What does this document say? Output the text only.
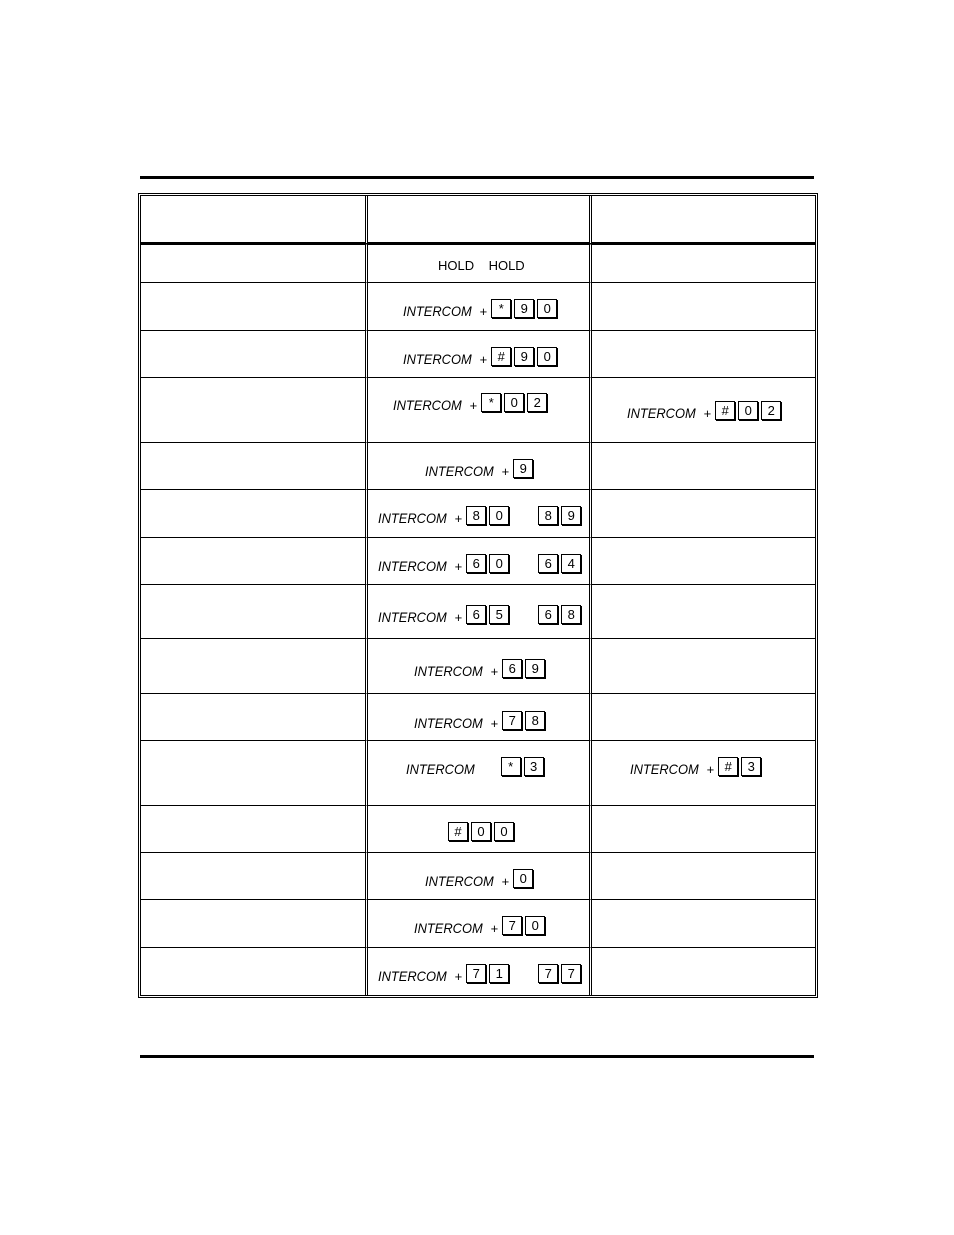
	HOLD    HOLD	

	INTERCOM + * 9 0	

	INTERCOM + # 9 0	

	INTERCOM + * 0 2	INTERCOM + # 0 2

	INTERCOM + 9	

	INTERCOM + 8 0 8 9	

	INTERCOM + 6 0 6 4	

	INTERCOM + 6 5 6 8	

	INTERCOM + 6 9	

	INTERCOM + 7 8	

	INTERCOM * 3	INTERCOM + # 3

	# 0 0	

	INTERCOM + 0	

	INTERCOM + 7 0	

	INTERCOM + 7 1 7 7	
